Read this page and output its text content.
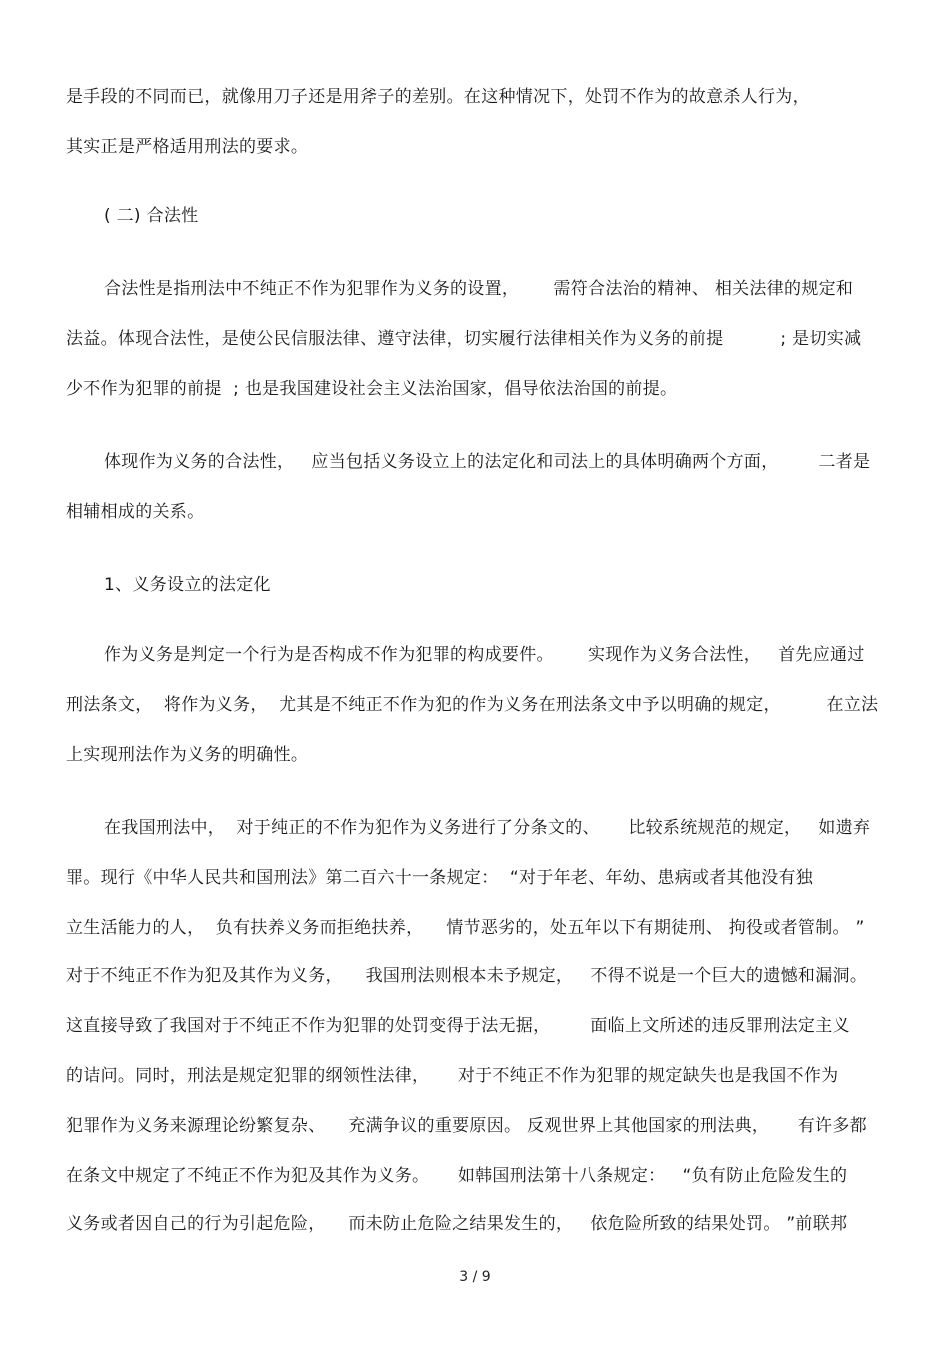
是手段的不同而已，就像用刀子还是用斧子的差别。在这种情况下，处罚不作为的故意杀人行为，
其实正是严格适用刑法的要求。
( 二) 合法性
合法性是指刑法中不纯正不作为犯罪作为义务的设置，      需符合法治的精神、 相关法律的规定和
法益。体现合法性，是使公民信服法律、遵守法律，切实履行法律相关作为义务的前提          ; 是切实减
少不作为犯罪的前提  ; 也是我国建设社会主义法治国家，倡导依法治国的前提。
体现作为义务的合法性，   应当包括义务设立上的法定化和司法上的具体明确两个方面，       二者是
相辅相成的关系。
1、义务设立的法定化
作为义务是判定一个行为是否构成不作为犯罪的构成要件。      实现作为义务合法性，   首先应通过
刑法条文，  将作为义务，  尤其是不纯正不作为犯的作为义务在刑法条文中予以明确的规定，        在立法
上实现刑法作为义务的明确性。
在我国刑法中，  对于纯正的不作为犯作为义务进行了分条文的、     比较系统规范的规定，   如遗弃
罪。现行《中华人民共和国刑法》第二百六十一条规定：  “对于年老、年幼、患病或者其他没有独
立生活能力的人，  负有扶养义务而拒绝扶养，    情节恶劣的，处五年以下有期徒刑、 拘役或者管制。 ”
对于不纯正不作为犯及其作为义务，    我国刑法则根本未予规定，   不得不说是一个巨大的遗憾和漏洞。
这直接导致了我国对于不纯正不作为犯罪的处罚变得于法无据，       面临上文所述的违反罪刑法定主义
的诘问。同时，刑法是规定犯罪的纲领性法律，     对于不纯正不作为犯罪的规定缺失也是我国不作为
犯罪作为义务来源理论纷繁复杂、    充满争议的重要原因。 反观世界上其他国家的刑法典，     有许多都
在条文中规定了不纯正不作为犯及其作为义务。     如韩国刑法第十八条规定：   “负有防止危险发生的
义务或者因自己的行为引起危险，    而未防止危险之结果发生的，   依危险所致的结果处罚。 ”前联邦
3 / 9
